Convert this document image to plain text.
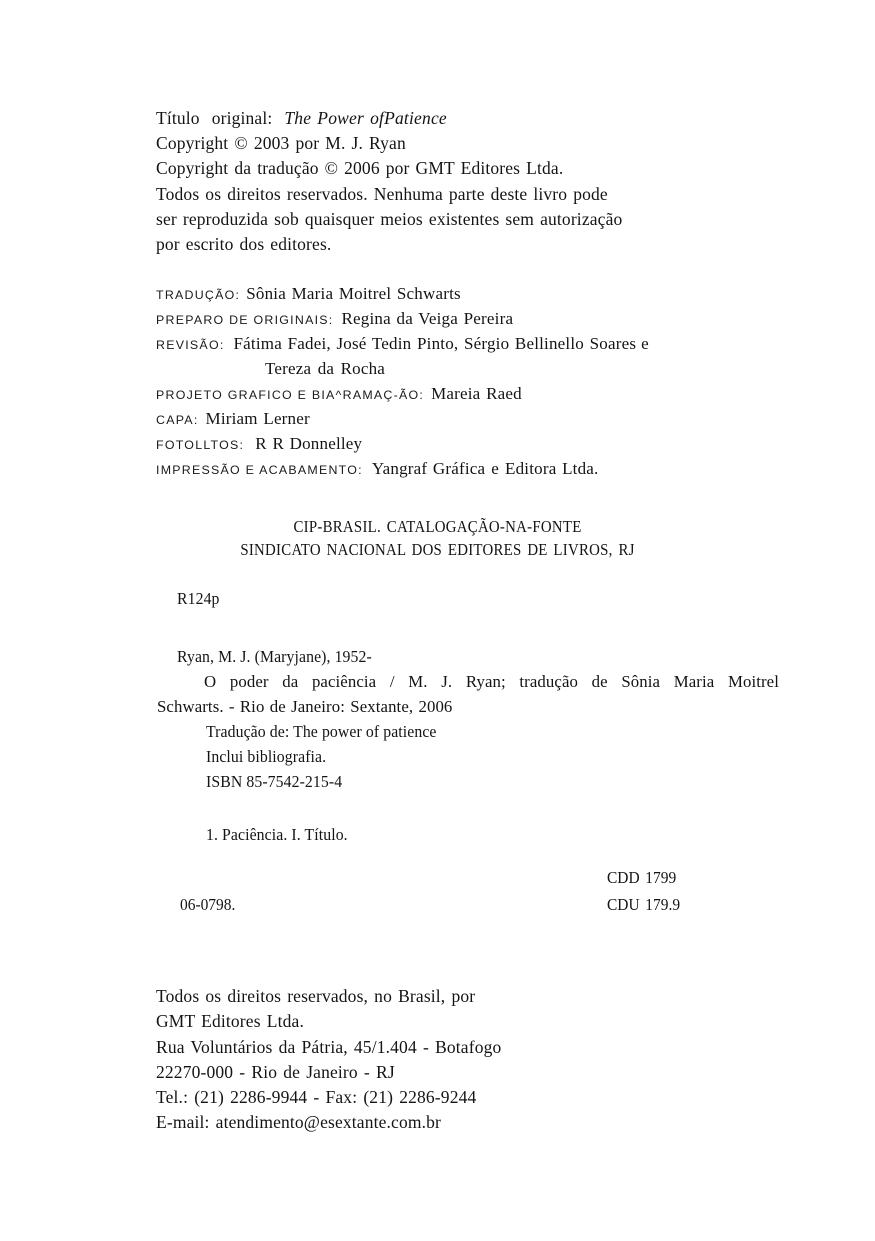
Título  original: The Power ofPatience
Copyright © 2003 por M. J. Ryan
Copyright da tradução © 2006 por GMT Editores Ltda.
Todos os direitos reservados. Nenhuma parte deste livro pode
ser reproduzida sob quaisquer meios existentes sem autorização
por escrito dos editores.
TRADUÇÃO: Sônia Maria Moitrel Schwarts
PREPARO DE ORIGINAIS: Regina da Veiga Pereira
REVISÃO: Fátima Fadei, José Tedin Pinto, Sérgio Bellinello Soares e
Tereza da Rocha
PROJETO GRAFICO E BIA^RAMAÇ-ÃO: Mareia Raed
CAPA: Miriam Lerner
FOTOLLTOS: R R Donnelley
IMPRESSÃO E ACABAMENTO: Yangraf Gráfica e Editora Ltda.
CIP-BRASIL. CATALOGAÇÃO-NA-FONTE
SINDICATO NACIONAL DOS EDITORES DE LIVROS, RJ
R124p
Ryan, M. J. (Maryjane), 1952-
O poder da paciência / M. J. Ryan; tradução de Sônia Maria Moitrel
Schwarts. - Rio de Janeiro: Sextante, 2006
Tradução de: The power of patience
Inclui bibliografia.
ISBN 85-7542-215-4
1. Paciência. I. Título.
CDD 1799
CDU 179.9
06-0798.
Todos os direitos reservados, no Brasil, por
GMT Editores Ltda.
Rua Voluntários da Pátria, 45/1.404 - Botafogo
22270-000 - Rio de Janeiro - RJ
Tel.: (21) 2286-9944 - Fax: (21) 2286-9244
E-mail: atendimento@esextante.com.br
